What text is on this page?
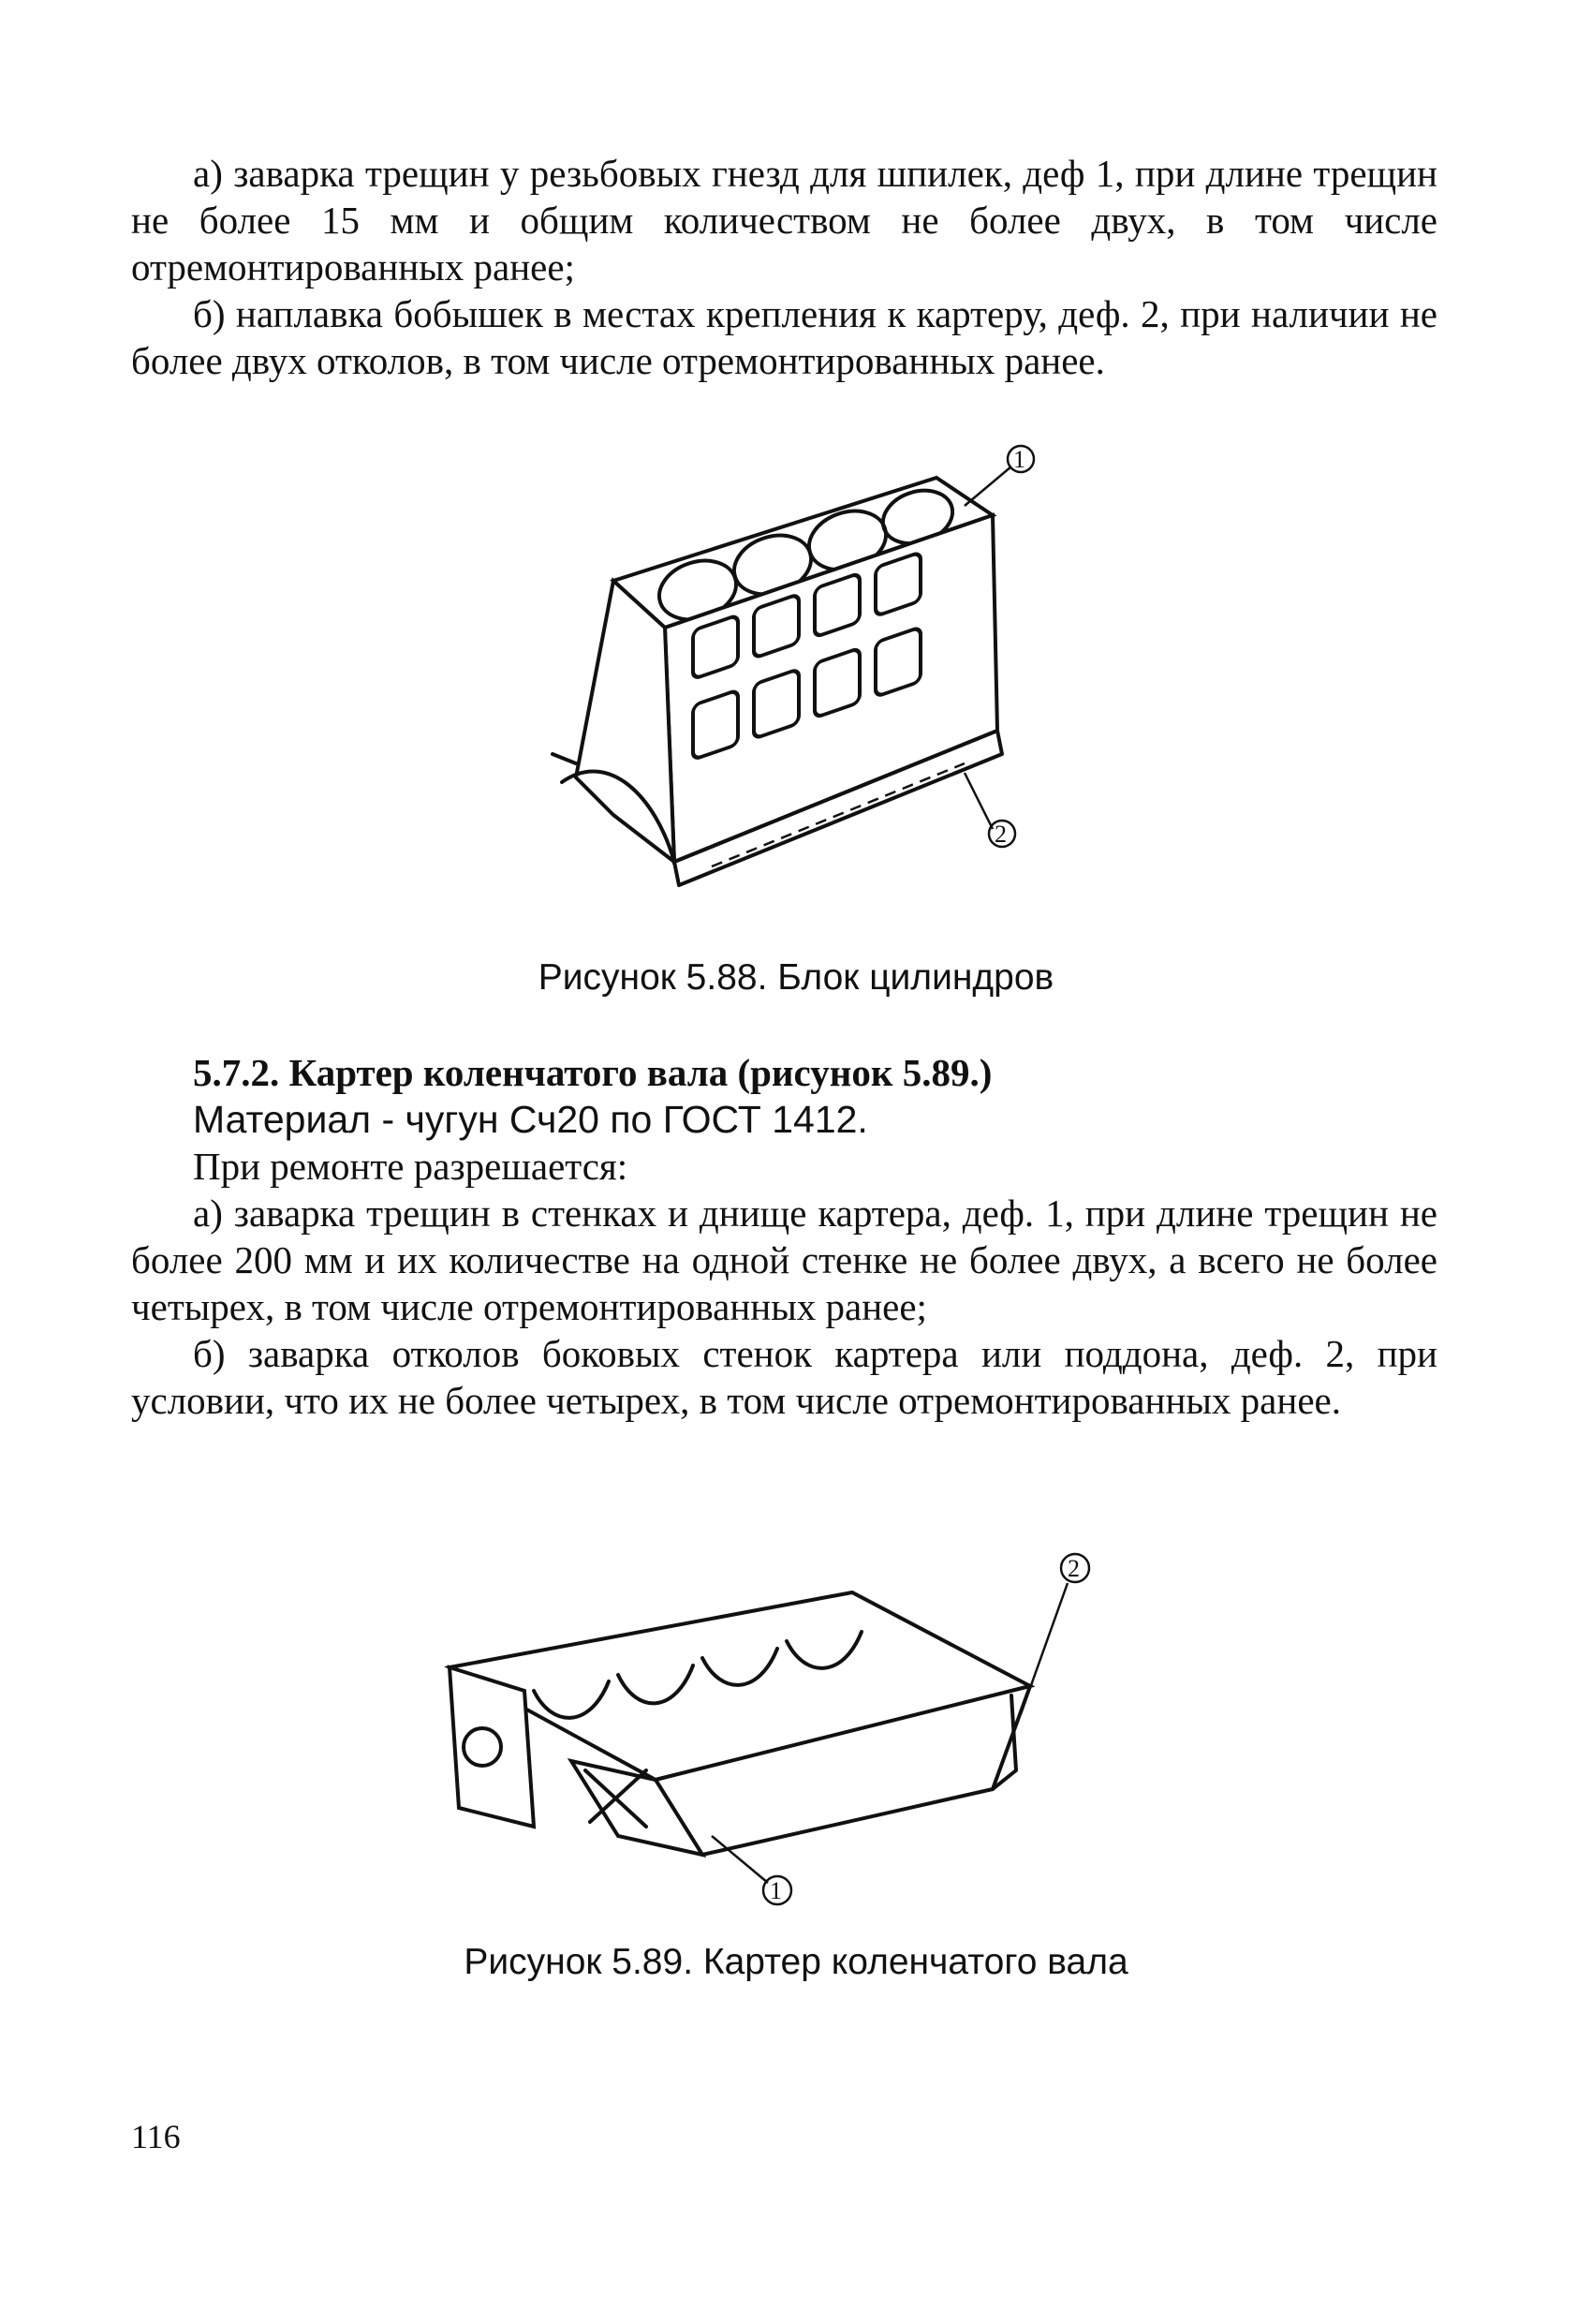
а) заварка трещин у резьбовых гнезд для шпилек, деф 1, при длине трещин не более 15 мм и общим количеством не более двух, в том числе отремонтированных ранее;

б) наплавка бобышек в местах крепления к картеру, деф. 2, при наличии не более двух отколов, в том числе отремонтированных ранее.

1
2
Рисунок 5.88. Блок цилиндров

5.7.2. Картер коленчатого вала (рисунок 5.89.)

Материал - чугун Сч20 по ГОСТ 1412.

При ремонте разрешается:

а) заварка трещин в стенках и днище картера, деф. 1, при длине трещин не более 200 мм и их количестве на одной стенке не более двух, а всего не более четырех, в том числе отремонтированных ранее;

б) заварка отколов боковых стенок картера или поддона, деф. 2, при условии, что их не более четырех, в том числе отремонтированных ранее.

2
1
Рисунок 5.89. Картер коленчатого вала
116
